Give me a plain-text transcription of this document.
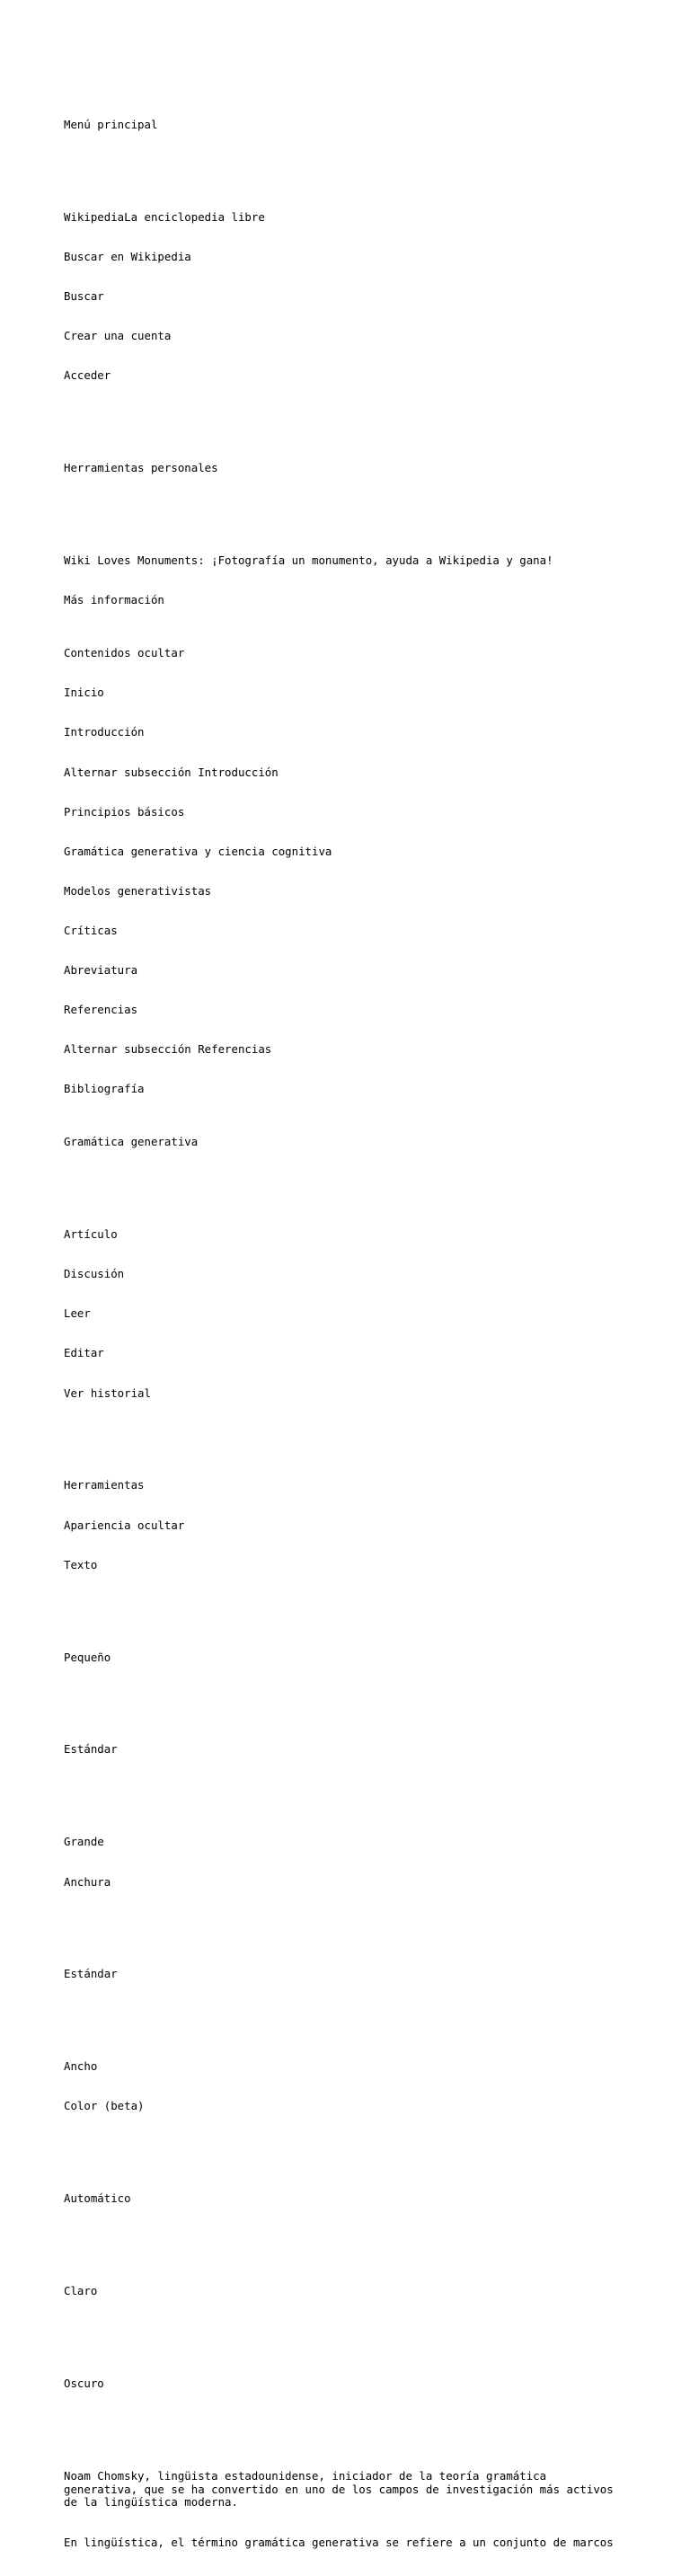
Menú principal

WikipediaLa enciclopedia libre

Buscar en Wikipedia

Buscar

Crear una cuenta

Acceder

Herramientas personales

Wiki Loves Monuments: ¡Fotografía un monumento, ayuda a Wikipedia y gana!

Más información

Contenidos ocultar

Inicio

Introducción

Alternar subsección Introducción

Principios básicos

Gramática generativa y ciencia cognitiva

Modelos generativistas

Críticas

Abreviatura

Referencias

Alternar subsección Referencias

Bibliografía

Gramática generativa

Artículo

Discusión

Leer

Editar

Ver historial

Herramientas

Apariencia ocultar

Texto

Pequeño

Estándar

Grande

Anchura

Estándar

Ancho

Color (beta)

Automático

Claro

Oscuro

Noam Chomsky, lingüista estadounidense, iniciador de la teoría gramática generativa, que se ha convertido en uno de los campos de investigación más activos de la lingüística moderna.

En lingüística, el término gramática generativa se refiere a un conjunto de marcos
